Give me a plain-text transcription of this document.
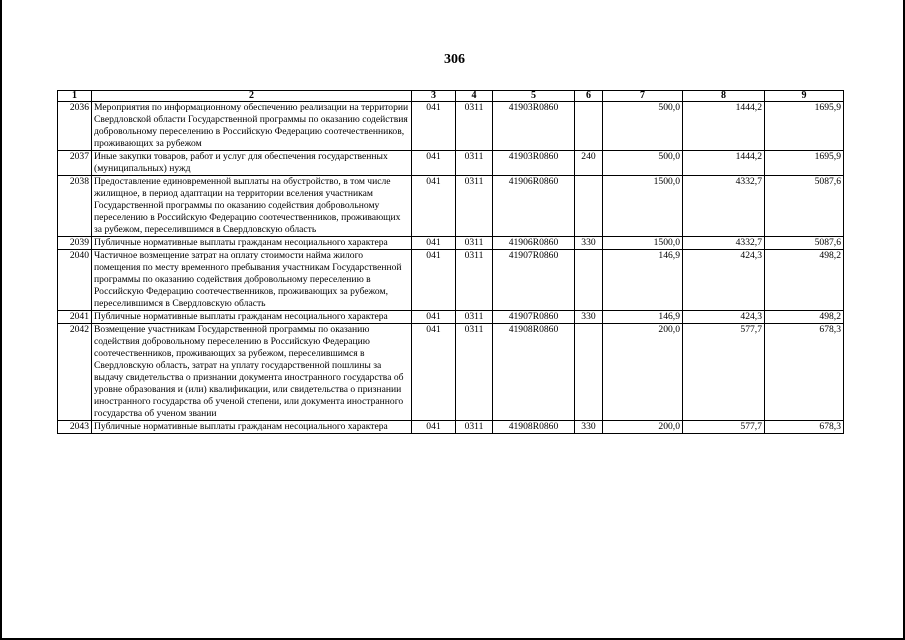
306
1	2	3	4	5	6	7	8	9
2036	Мероприятия по информационному обеспечению реализации на территории Свердловской области Государственной программы по оказанию содействия добровольному переселению в Российскую Федерацию соотечественников, проживающих за рубежом	041	0311	41903R0860		500,0	1444,2	1695,9
2037	Иные закупки товаров, работ и услуг для обеспечения государственных (муниципальных) нужд	041	0311	41903R0860	240	500,0	1444,2	1695,9
2038	Предоставление единовременной выплаты на обустройство, в том числе жилищное, в период адаптации на территории вселения участникам Государственной программы по оказанию содействия добровольному переселению в Российскую Федерацию соотечественников, проживающих за рубежом, переселившимся в Свердловскую область	041	0311	41906R0860		1500,0	4332,7	5087,6
2039	Публичные нормативные выплаты гражданам несоциального характера	041	0311	41906R0860	330	1500,0	4332,7	5087,6
2040	Частичное возмещение затрат на оплату стоимости найма жилого помещения по месту временного пребывания участникам Государственной программы по оказанию содействия добровольному переселению в Российскую Федерацию соотечественников, проживающих за рубежом, переселившимся в Свердловскую область	041	0311	41907R0860		146,9	424,3	498,2
2041	Публичные нормативные выплаты гражданам несоциального характера	041	0311	41907R0860	330	146,9	424,3	498,2
2042	Возмещение участникам Государственной программы по оказанию содействия добровольному переселению в Российскую Федерацию соотечественников, проживающих за рубежом, переселившимся в Свердловскую область, затрат на уплату государственной пошлины за выдачу свидетельства о признании документа иностранного государства об уровне образования и (или) квалификации, или свидетельства о признании иностранного государства об ученой степени, или документа иностранного государства об ученом звании	041	0311	41908R0860		200,0	577,7	678,3
2043	Публичные нормативные выплаты гражданам несоциального характера	041	0311	41908R0860	330	200,0	577,7	678,3
